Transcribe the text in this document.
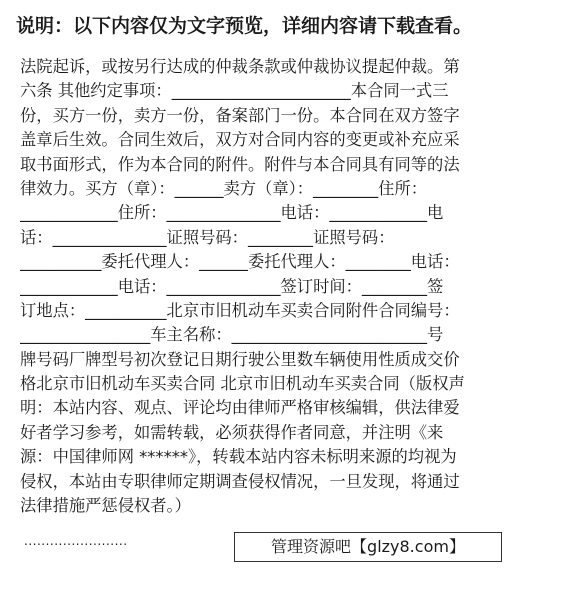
说明：以下内容仅为文字预览，详细内容请下载查看。
法院起诉，或按另行达成的仲裁条款或仲裁协议提起仲裁。第
六条 其他约定事项：______________________本合同一式三
份，买方一份，卖方一份，备案部门一份。本合同在双方签字
盖章后生效。合同生效后，双方对合同内容的变更或补充应采
取书面形式，作为本合同的附件。附件与本合同具有同等的法
律效力。买方（章）：______卖方（章）：________住所：
____________住所：______________电话：____________电
话：______________证照号码：________证照号码：
__________委托代理人：______委托代理人：________电话：
____________电话：______________签订时间：________签
订地点：__________北京市旧机动车买卖合同附件合同编号：
________________车主名称：________________________号
牌号码厂牌型号初次登记日期行驶公里数车辆使用性质成交价
格北京市旧机动车买卖合同 北京市旧机动车买卖合同（版权声
明：本站内容、观点、评论均由律师严格审核编辑，供法律爱
好者学习参考，如需转载，必须获得作者同意，并注明《来
源：中国律师网 ******》，转载本站内容未标明来源的均视为
侵权，本站由专职律师定期调查侵权情况，一旦发现，将通过
法律措施严惩侵权者。）
........................	管理资源吧【glzy8.com】
